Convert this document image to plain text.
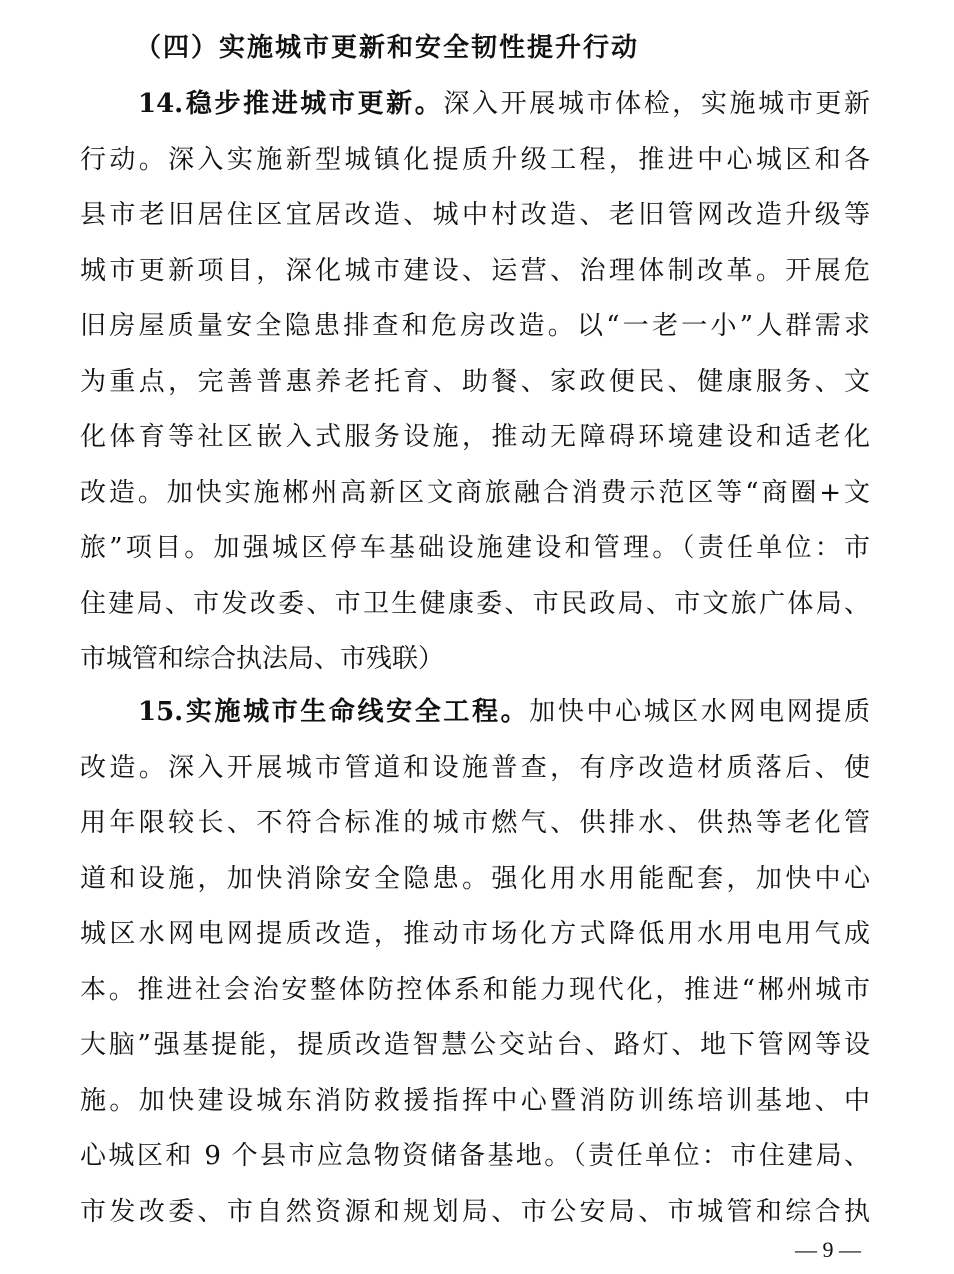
（四）实施城市更新和安全韧性提升行动
14.稳步推进城市更新。深入开展城市体检，实施城市更新
行动。深入实施新型城镇化提质升级工程，推进中心城区和各
县市老旧居住区宜居改造、城中村改造、老旧管网改造升级等
城市更新项目，深化城市建设、运营、治理体制改革。开展危
旧房屋质量安全隐患排查和危房改造。以“一老一小”人群需求
为重点，完善普惠养老托育、助餐、家政便民、健康服务、文
化体育等社区嵌入式服务设施，推动无障碍环境建设和适老化
改造。加快实施郴州高新区文商旅融合消费示范区等“商圈+文
旅”项目。加强城区停车基础设施建设和管理。（责任单位：市
住建局、市发改委、市卫生健康委、市民政局、市文旅广体局、
市城管和综合执法局、市残联）
15.实施城市生命线安全工程。加快中心城区水网电网提质
改造。深入开展城市管道和设施普查，有序改造材质落后、使
用年限较长、不符合标准的城市燃气、供排水、供热等老化管
道和设施，加快消除安全隐患。强化用水用能配套，加快中心
城区水网电网提质改造，推动市场化方式降低用水用电用气成
本。推进社会治安整体防控体系和能力现代化，推进“郴州城市
大脑”强基提能，提质改造智慧公交站台、路灯、地下管网等设
施。加快建设城东消防救援指挥中心暨消防训练培训基地、中
心城区和 9 个县市应急物资储备基地。（责任单位：市住建局、
市发改委、市自然资源和规划局、市公安局、市城管和综合执
— 9 —
